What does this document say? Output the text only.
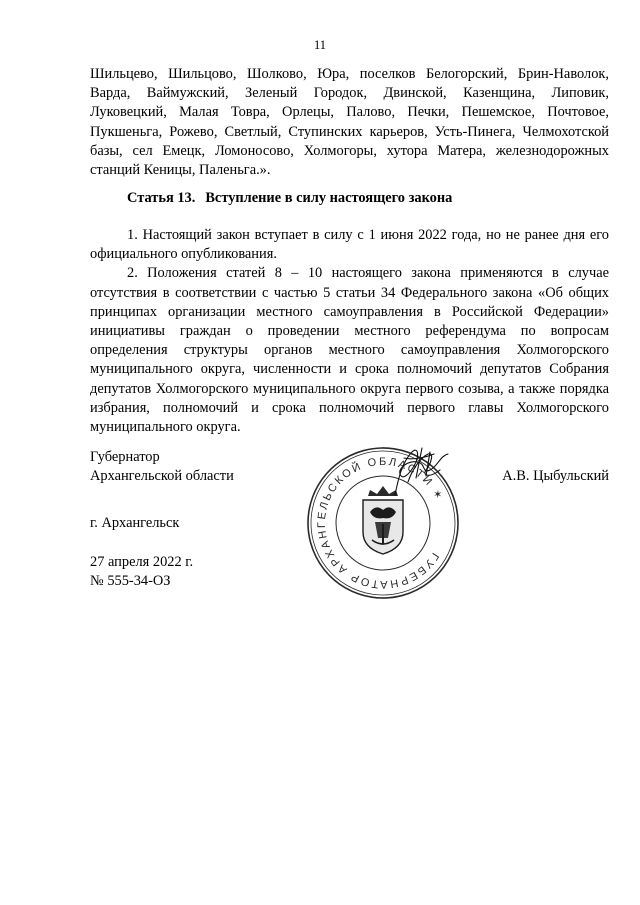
11

Шильцево, Шильцово, Шолково, Юра, поселков Белогорский, Брин-Наволок, Варда, Ваймужский, Зеленый Городок, Двинской, Казенщина, Липовик, Луковецкий, Малая Товра, Орлецы, Палово, Печки, Пешемское, Почтовое, Пукшеньга, Рожево, Светлый, Ступинских карьеров, Усть-Пинега, Челмохотской базы, сел Емецк, Ломоносово, Холмогоры, хутора Матера, железнодорожных станций Кеницы, Паленьга.».

Статья 13. Вступление в силу настоящего закона

1. Настоящий закон вступает в силу с 1 июня 2022 года, но не ранее дня его официального опубликования.

2. Положения статей 8 – 10 настоящего закона применяются в случае отсутствия в соответствии с частью 5 статьи 34 Федерального закона «Об общих принципах организации местного самоуправления в Российской Федерации» инициативы граждан о проведении местного референдума по вопросам определения структуры органов местного самоуправления Холмогорского муниципального округа, численности и срока полномочий депутатов Собрания депутатов Холмогорского муниципального округа первого созыва, а также порядка избрания, полномочий и срока полномочий первого главы Холмогорского муниципального округа.

Губернатор
Архангельской области	А.В. Цыбульский
ГУБЕРНАТОР АРХАНГЕЛЬСКОЙ ОБЛАСТИ ✶
г. Архангельск
27 апреля 2022 г.
№ 555-34-ОЗ
